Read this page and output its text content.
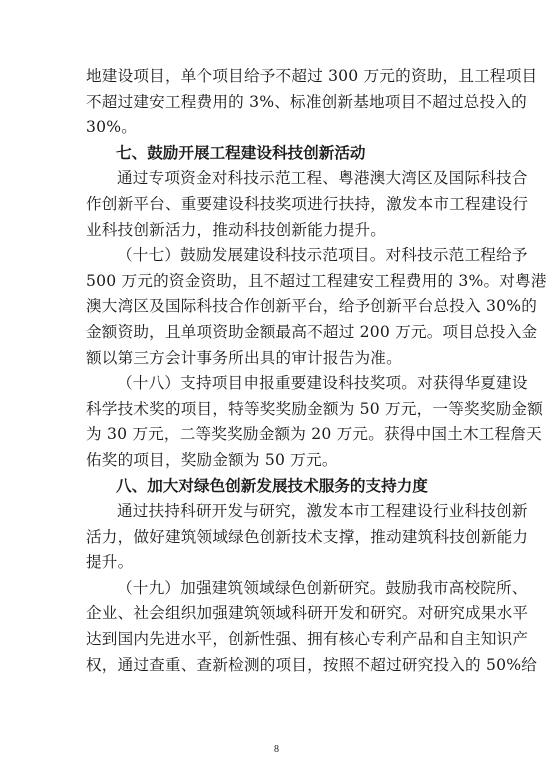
地建设项目，单个项目给予不超过 300 万元的资助，且工程项目
不超过建安工程费用的 3%、标准创新基地项目不超过总投入的
30%。
七、鼓励开展工程建设科技创新活动
通过专项资金对科技示范工程、粤港澳大湾区及国际科技合
作创新平台、重要建设科技奖项进行扶持，激发本市工程建设行
业科技创新活力，推动科技创新能力提升。
（十七）鼓励发展建设科技示范项目。对科技示范工程给予
500 万元的资金资助，且不超过工程建安工程费用的 3%。对粤港
澳大湾区及国际科技合作创新平台，给予创新平台总投入 30%的
金额资助，且单项资助金额最高不超过 200 万元。项目总投入金
额以第三方会计事务所出具的审计报告为准。
（十八）支持项目申报重要建设科技奖项。对获得华夏建设
科学技术奖的项目，特等奖奖励金额为 50 万元，一等奖奖励金额
为 30 万元，二等奖奖励金额为 20 万元。获得中国土木工程詹天
佑奖的项目，奖励金额为 50 万元。
八、加大对绿色创新发展技术服务的支持力度
通过扶持科研开发与研究，激发本市工程建设行业科技创新
活力，做好建筑领域绿色创新技术支撑，推动建筑科技创新能力
提升。
（十九）加强建筑领域绿色创新研究。鼓励我市高校院所、
企业、社会组织加强建筑领域科研开发和研究。对研究成果水平
达到国内先进水平，创新性强、拥有核心专利产品和自主知识产
权，通过查重、查新检测的项目，按照不超过研究投入的 50%给
8
